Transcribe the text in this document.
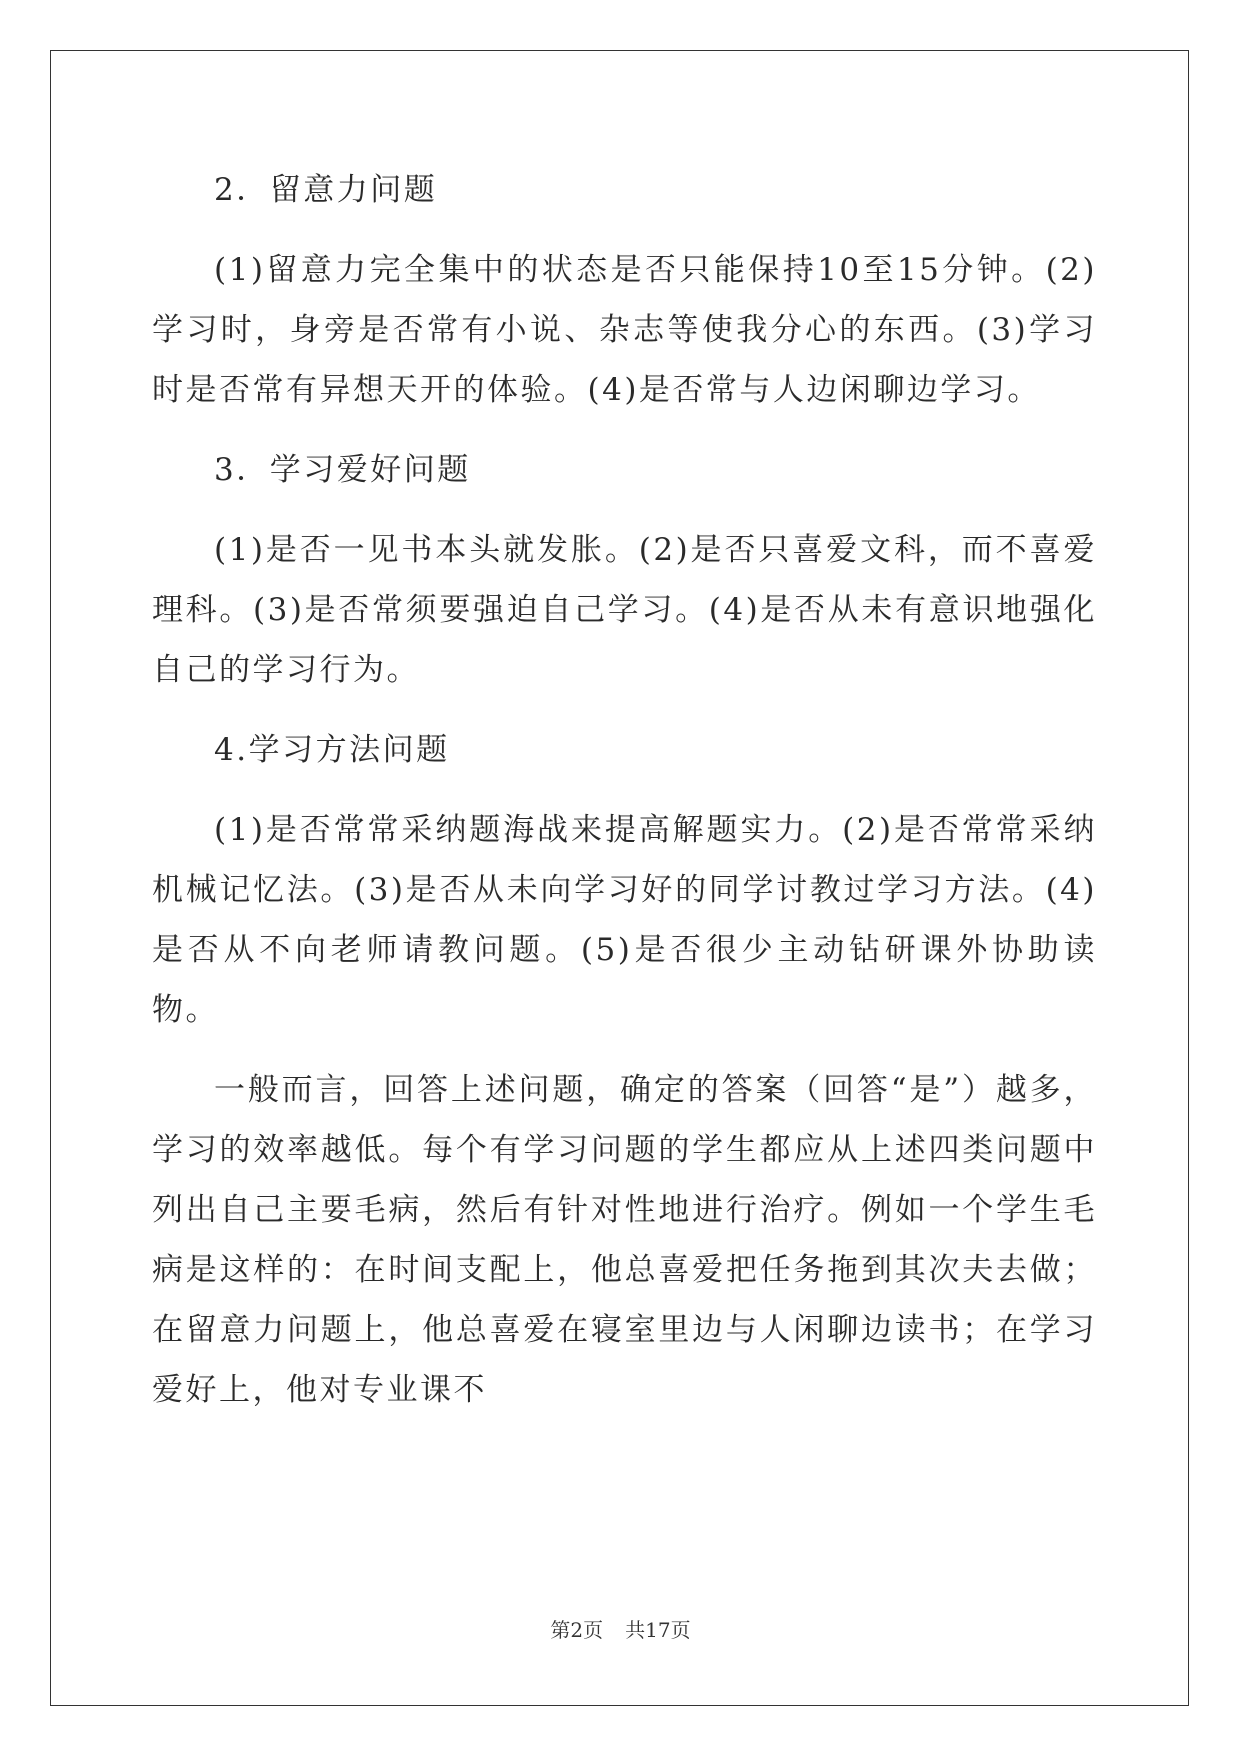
2．留意力问题

(1)留意力完全集中的状态是否只能保持10至15分钟。(2)学习时，身旁是否常有小说、杂志等使我分心的东西。(3)学习时是否常有异想天开的体验。(4)是否常与人边闲聊边学习。

3．学习爱好问题

(1)是否一见书本头就发胀。(2)是否只喜爱文科，而不喜爱理科。(3)是否常须要强迫自己学习。(4)是否从未有意识地强化自己的学习行为。

4.学习方法问题

(1)是否常常采纳题海战来提高解题实力。(2)是否常常采纳机械记忆法。(3)是否从未向学习好的同学讨教过学习方法。(4)是否从不向老师请教问题。(5)是否很少主动钻研课外协助读物。

一般而言，回答上述问题，确定的答案（回答“是”）越多，学习的效率越低。每个有学习问题的学生都应从上述四类问题中列出自己主要毛病，然后有针对性地进行治疗。例如一个学生毛病是这样的：在时间支配上，他总喜爱把任务拖到其次夫去做；在留意力问题上，他总喜爱在寝室里边与人闲聊边读书；在学习爱好上，他对专业课不

第2页 共17页
